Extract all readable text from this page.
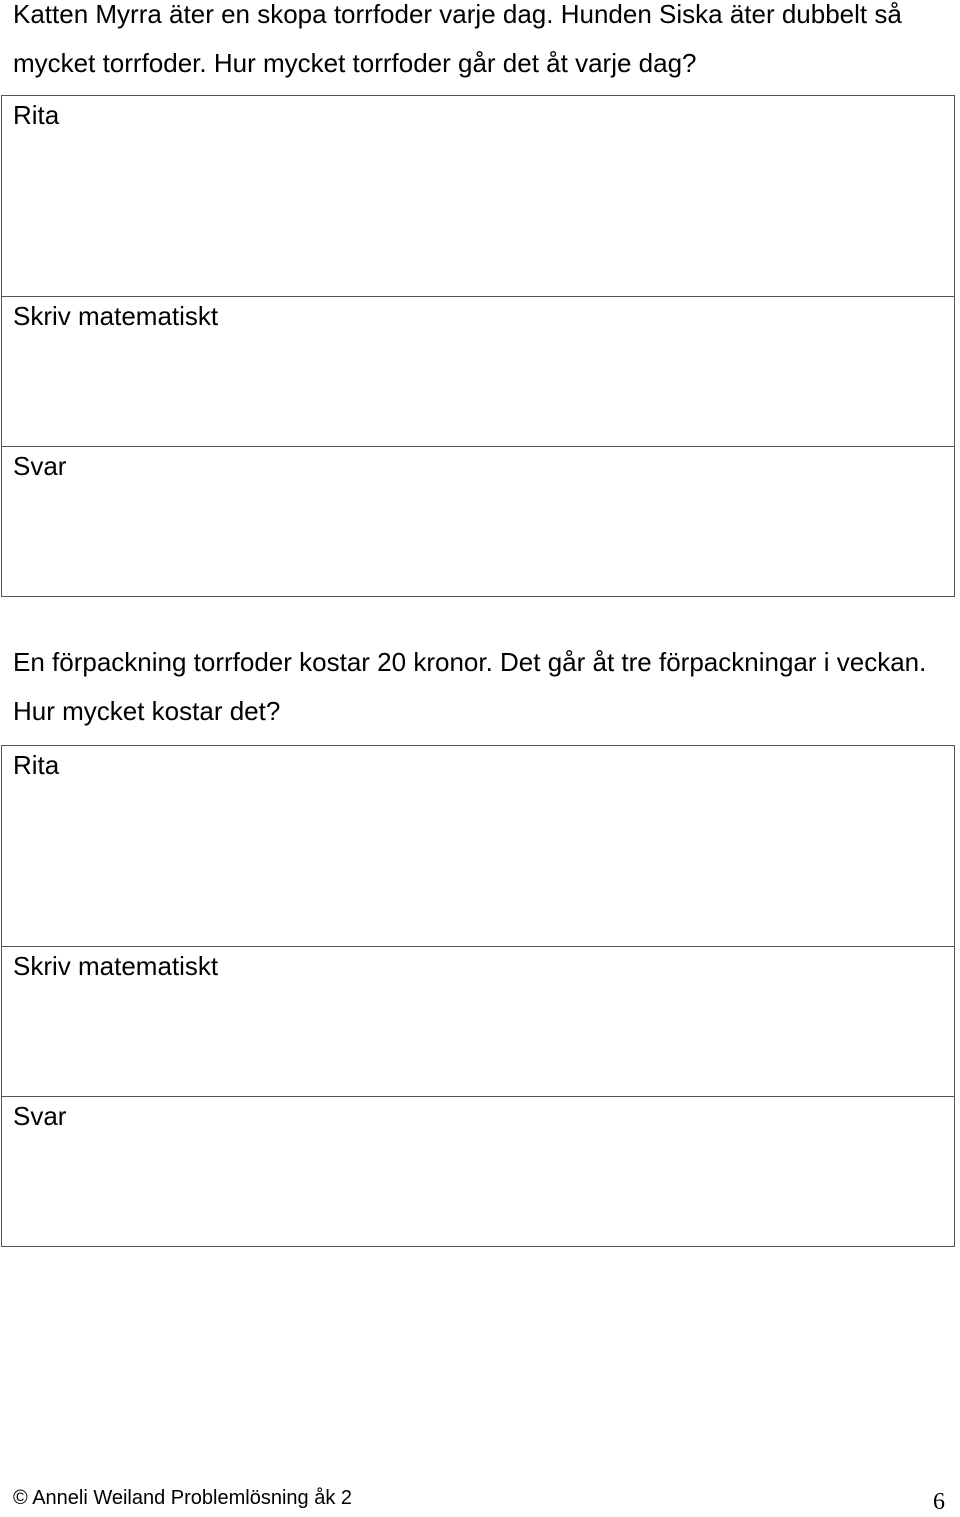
Katten Myrra äter en skopa torrfoder varje dag. Hunden Siska äter dubbelt så mycket torrfoder. Hur mycket torrfoder går det åt varje dag?

Rita
Skriv matematiskt
Svar

En förpackning torrfoder kostar 20 kronor. Det går åt tre förpackningar i veckan. Hur mycket kostar det?

Rita
Skriv matematiskt
Svar
© Anneli Weiland Problemlösning åk 2	6
